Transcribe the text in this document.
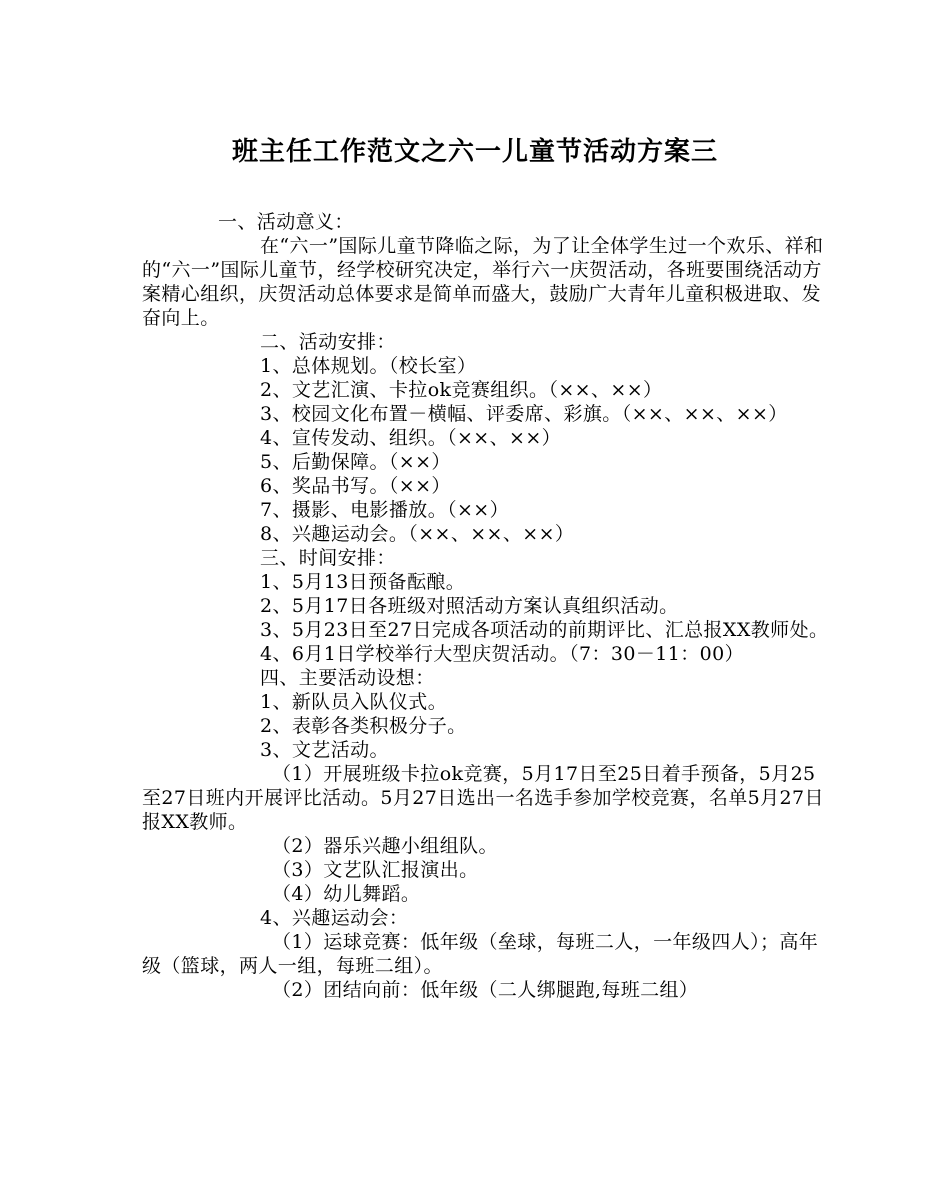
班主任工作范文之六一儿童节活动方案三

一、活动意义：

在“六一”国际儿童节降临之际，为了让全体学生过一个欢乐、祥和的“六一”国际儿童节，经学校研究决定，举行六一庆贺活动，各班要围绕活动方案精心组织，庆贺活动总体要求是简单而盛大，鼓励广大青年儿童积极进取、发奋向上。

二、活动安排：

1、总体规划。（校长室）

2、文艺汇演、卡拉ok竞赛组织。（××、××）

3、校园文化布置－横幅、评委席、彩旗。（××、××、××）

4、宣传发动、组织。（××、××）

5、后勤保障。（××）

6、奖品书写。（××）

7、摄影、电影播放。（××）

8、兴趣运动会。（××、××、××）

三、时间安排：

1、5月13日预备酝酿。

2、5月17日各班级对照活动方案认真组织活动。

3、5月23日至27日完成各项活动的前期评比、汇总报XX教师处。

4、6月1日学校举行大型庆贺活动。（7：30－11：00）

四、主要活动设想：

1、新队员入队仪式。

2、表彰各类积极分子。

3、文艺活动。

（1）开展班级卡拉ok竞赛，5月17日至25日着手预备，5月25至27日班内开展评比活动。5月27日选出一名选手参加学校竞赛，名单5月27日报XX教师。

（2）器乐兴趣小组组队。

（3）文艺队汇报演出。

（4）幼儿舞蹈。

4、兴趣运动会：

（1）运球竞赛：低年级（垒球，每班二人，一年级四人）；高年级（篮球，两人一组，每班二组）。

（2）团结向前：低年级（二人绑腿跑,每班二组）
